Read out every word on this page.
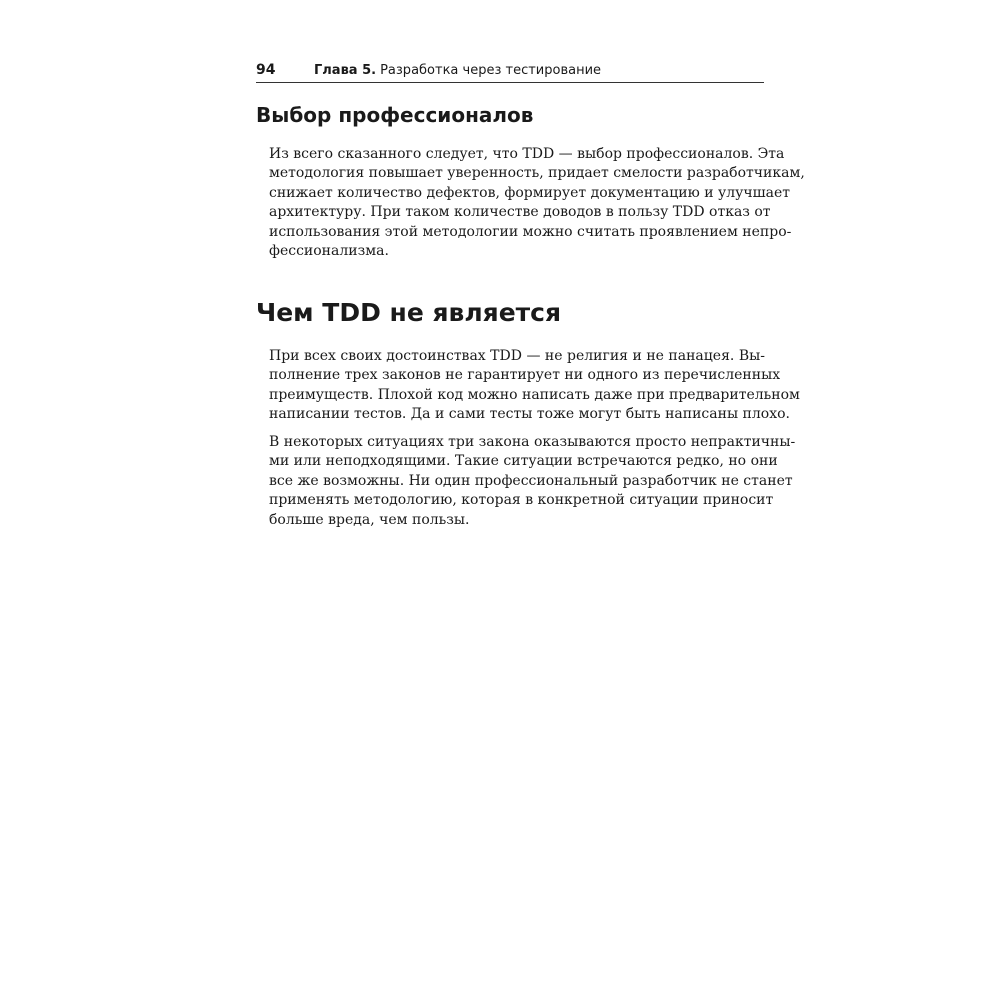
94	Глава 5. Разработка через тестирование
Выбор профессионалов
Из всего сказанного следует, что TDD — выбор профессионалов. Эта
методология повышает уверенность, придает смелости разработчикам,
снижает количество дефектов, формирует документацию и улучшает
архитектуру. При таком количестве доводов в пользу TDD отказ от
использования этой методологии можно считать проявлением непро-
фессионализма.
Чем TDD не является
При всех своих достоинствах TDD — не религия и не панацея. Вы-
полнение трех законов не гарантирует ни одного из перечисленных
преимуществ. Плохой код можно написать даже при предварительном
написании тестов. Да и сами тесты тоже могут быть написаны плохо.
В некоторых ситуациях три закона оказываются просто непрактичны-
ми или неподходящими. Такие ситуации встречаются редко, но они
все же возможны. Ни один профессиональный разработчик не станет
применять методологию, которая в конкретной ситуации приносит
больше вреда, чем пользы.
